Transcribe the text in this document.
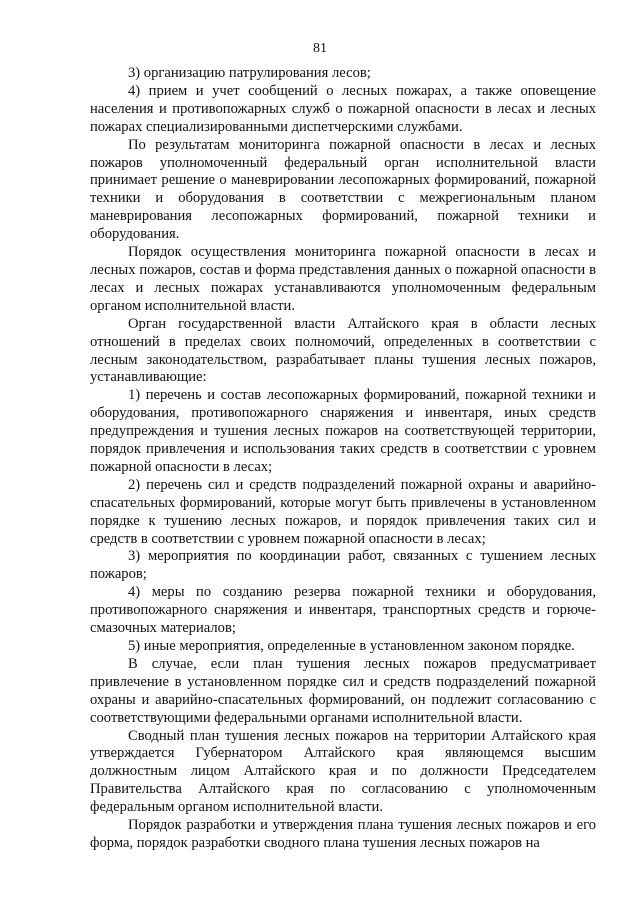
81

3) организацию патрулирования лесов;

4) прием и учет сообщений о лесных пожарах, а также оповещение населения и противопожарных служб о пожарной опасности в лесах и лесных пожарах специализированными диспетчерскими службами.

По результатам мониторинга пожарной опасности в лесах и лесных пожаров уполномоченный федеральный орган исполнительной власти принимает решение о маневрировании лесопожарных формирований, пожарной техники и оборудования в соответствии с межрегиональным планом маневрирования лесопожарных формирований, пожарной техники и оборудования.

Порядок осуществления мониторинга пожарной опасности в лесах и лесных пожаров, состав и форма представления данных о пожарной опасности в лесах и лесных пожарах устанавливаются уполномоченным федеральным органом исполнительной власти.

Орган государственной власти Алтайского края в области лесных отношений в пределах своих полномочий, определенных в соответствии с лесным законодательством, разрабатывает планы тушения лесных пожаров, устанавливающие:

1) перечень и состав лесопожарных формирований, пожарной техники и оборудования, противопожарного снаряжения и инвентаря, иных средств предупреждения и тушения лесных пожаров на соответствующей территории, порядок привлечения и использования таких средств в соответствии с уровнем пожарной опасности в лесах;

2) перечень сил и средств подразделений пожарной охраны и аварийно-спасательных формирований, которые могут быть привлечены в установленном порядке к тушению лесных пожаров, и порядок привлечения таких сил и средств в соответствии с уровнем пожарной опасности в лесах;

3) мероприятия по координации работ, связанных с тушением лесных пожаров;

4) меры по созданию резерва пожарной техники и оборудования, противопожарного снаряжения и инвентаря, транспортных средств и горюче-смазочных материалов;

5) иные мероприятия, определенные в установленном законом порядке.

В случае, если план тушения лесных пожаров предусматривает привлечение в установленном порядке сил и средств подразделений пожарной охраны и аварийно-спасательных формирований, он подлежит согласованию с соответствующими федеральными органами исполнительной власти.

Сводный план тушения лесных пожаров на территории Алтайского края утверждается Губернатором Алтайского края являющемся высшим должностным лицом Алтайского края и по должности Председателем Правительства Алтайского края по согласованию с уполномоченным федеральным органом исполнительной власти.

Порядок разработки и утверждения плана тушения лесных пожаров и его форма, порядок разработки сводного плана тушения лесных пожаров на
